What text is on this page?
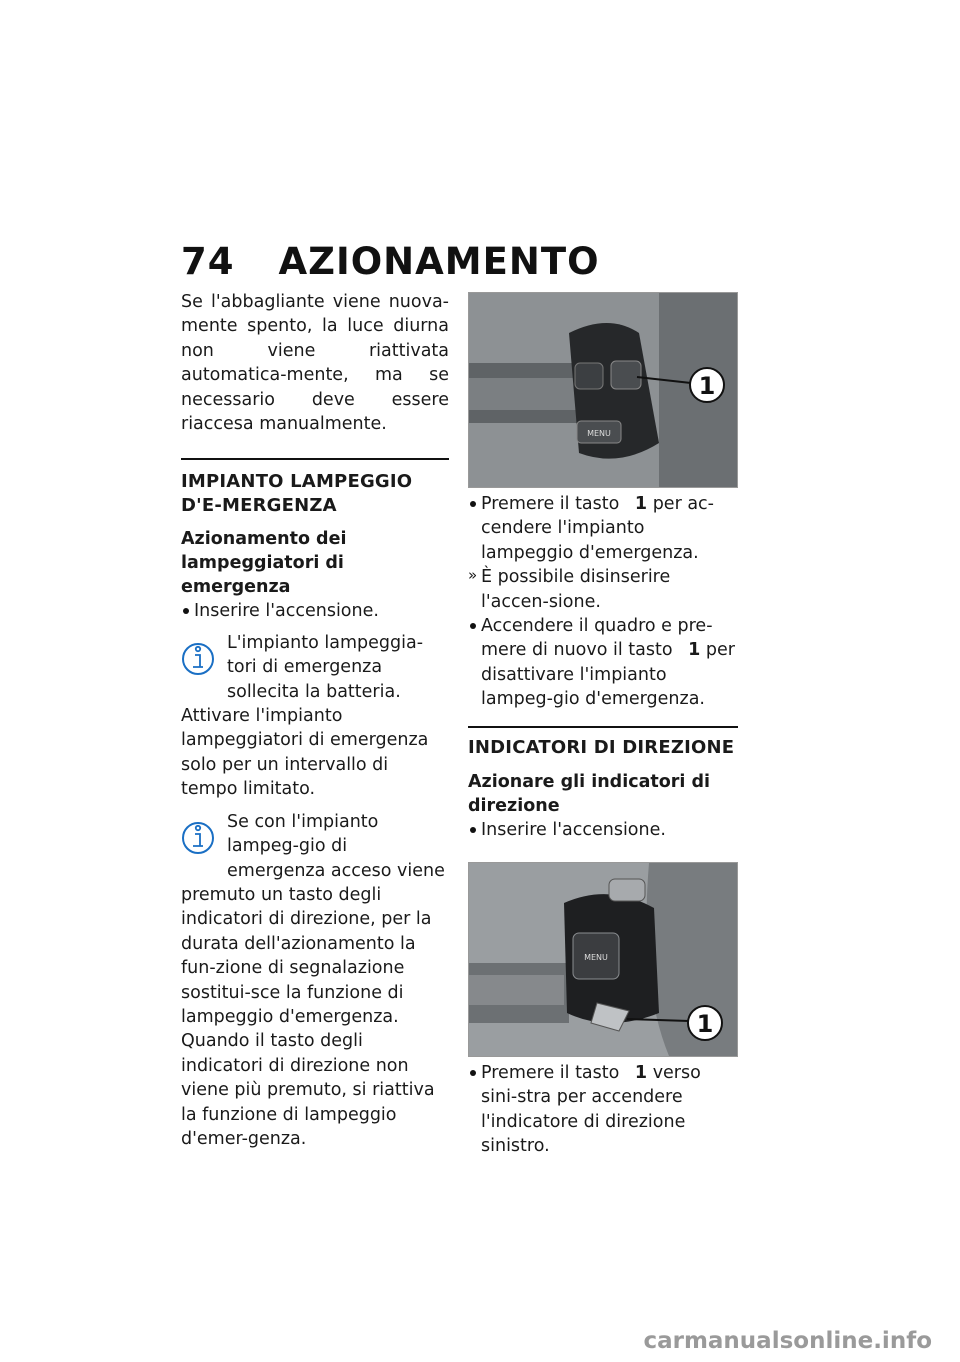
74 AZIONAMENTO

Se l'abbagliante viene nuova-mente spento, la luce diurna non viene riattivata automatica-mente, ma se necessario deve essere riaccesa manualmente.

IMPIANTO LAMPEGGIO D'E-MERGENZA
Azionamento dei lampeggiatori di emergenza
Inserire l'accensione.
L'impianto lampeggia-tori di emergenza sollecita la batteria. Attivare l'impianto lampeggiatori di emergenza solo per un intervallo di tempo limitato.
Se con l'impianto lampeg-gio di emergenza acceso viene premuto un tasto degli indicatori di direzione, per la durata dell'azionamento la fun-zione di segnalazione sostitui-sce la funzione di lampeggio d'emergenza. Quando il tasto degli indicatori di direzione non viene più premuto, si riattiva la funzione di lampeggio d'emer-genza.
MENU
1
Premere il tasto 1 per ac-cendere l'impianto lampeggio d'emergenza.
» È possibile disinserire l'accen-sione.
Accendere il quadro e pre-mere di nuovo il tasto 1 per disattivare l'impianto lampeg-gio d'emergenza.
INDICATORI DI DIREZIONE
Azionare gli indicatori di direzione
Inserire l'accensione.
MENU
1
Premere il tasto 1 verso sini-stra per accendere l'indicatore di direzione sinistro.
carmanualsonline.info
